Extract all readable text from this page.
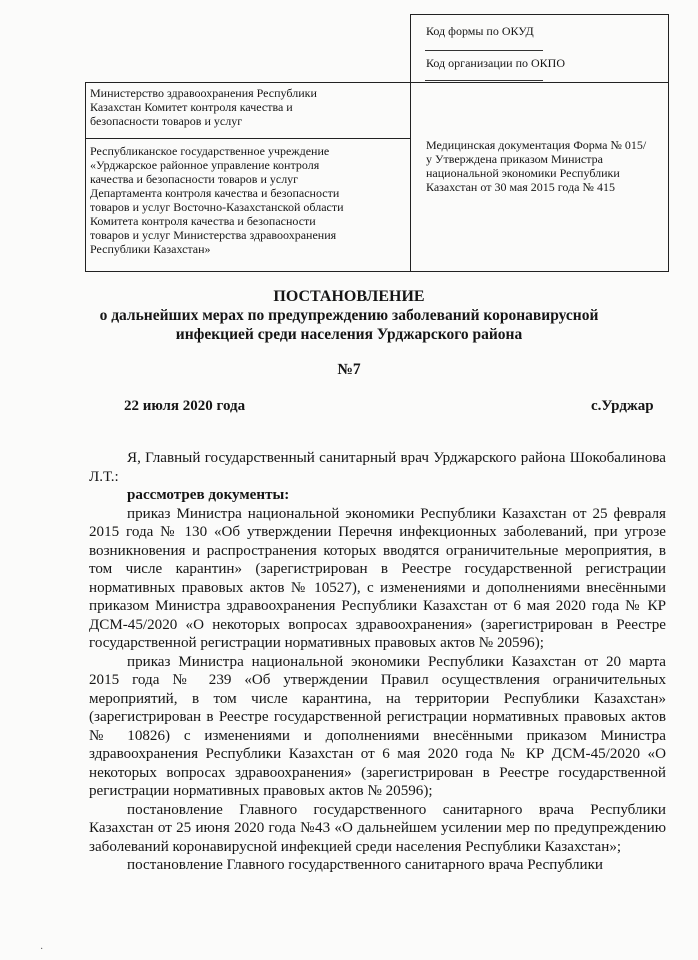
Код формы по ОКУД
Код организации по ОКПО
Министерство здравоохранения Республики Казахстан Комитет контроля качества и безопасности товаров и услуг
Республиканское государственное учреждение «Урджарское районное управление контроля качества и безопасности товаров и услуг Департамента контроля качества и безопасности товаров и услуг Восточно-Казахстанской области Комитета контроля качества и безопасности товаров и услуг Министерства здравоохранения Республики Казахстан»
Медицинская документация Форма № 015/у Утверждена приказом Министра национальной экономики Республики Казахстан от 30 мая 2015 года № 415
ПОСТАНОВЛЕНИЕ
о дальнейших мерах по предупреждению заболеваний коронавирусной
инфекцией среди населения Урджарского района
№7
22 июля 2020 года	с.Урджар

Я, Главный государственный санитарный врач Урджарского района Шокобалинова Л.Т.:

рассмотрев документы:

приказ Министра национальной экономики Республики Казахстан от 25 февраля 2015 года № 130 «Об утверждении Перечня инфекционных заболеваний, при угрозе возникновения и распространения которых вводятся ограничительные мероприятия, в том числе карантин» (зарегистрирован в Реестре государственной регистрации нормативных правовых актов № 10527), с изменениями и дополнениями внесёнными приказом Министра здравоохранения Республики Казахстан от 6 мая 2020 года № КР ДСМ-45/2020 «О некоторых вопросах здравоохранения» (зарегистрирован в Реестре государственной регистрации нормативных правовых актов № 20596);

приказ Министра национальной экономики Республики Казахстан от 20 марта 2015 года № 239 «Об утверждении Правил осуществления ограничительных мероприятий, в том числе карантина, на территории Республики Казахстан» (зарегистрирован в Реестре государственной регистрации нормативных правовых актов № 10826) с изменениями и дополнениями внесёнными приказом Министра здравоохранения Республики Казахстан от 6 мая 2020 года № КР ДСМ-45/2020 «О некоторых вопросах здравоохранения» (зарегистрирован в Реестре государственной регистрации нормативных правовых актов № 20596);

постановление Главного государственного санитарного врача Республики Казахстан от 25 июня 2020 года №43 «О дальнейшем усилении мер по предупреждению заболеваний коронавирусной инфекцией среди населения Республики Казахстан»;

постановление Главного государственного санитарного врача Республики

·
